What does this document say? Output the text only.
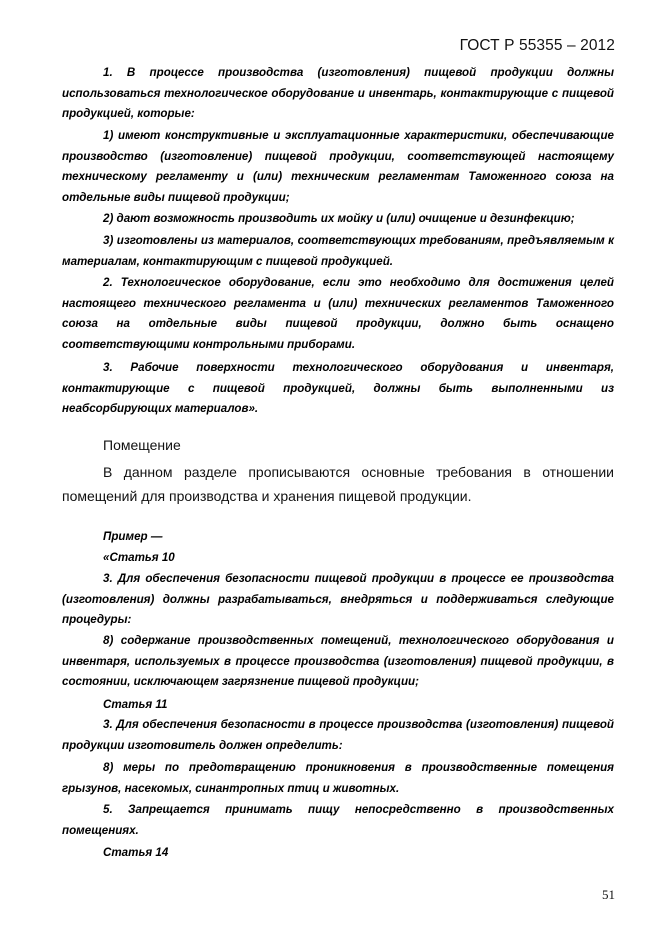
ГОСТ Р 55355 – 2012

1. В процессе производства (изготовления) пищевой продукции должны использоваться технологическое оборудование и инвентарь, контактирующие с пищевой продукцией, которые:

1) имеют конструктивные и эксплуатационные характеристики, обеспечивающие производство (изготовление) пищевой продукции, соответствующей настоящему техническому регламенту и (или) техническим регламентам Таможенного союза на отдельные виды пищевой продукции;

2) дают возможность производить их мойку и (или) очищение и дезинфекцию;

3) изготовлены из материалов, соответствующих требованиям, предъявляемым к материалам, контактирующим с пищевой продукцией.

2. Технологическое оборудование, если это необходимо для достижения целей настоящего технического регламента и (или) технических регламентов Таможенного союза на отдельные виды пищевой продукции, должно быть оснащено соответствующими контрольными приборами.

3. Рабочие поверхности технологического оборудования и инвентаря, контактирующие с пищевой продукцией, должны быть выполненными из неабсорбирующих материалов».

Помещение

В данном разделе прописываются основные требования в отношении помещений для производства и хранения пищевой продукции.

Пример —

«Статья 10

3. Для обеспечения безопасности пищевой продукции в процессе ее производства (изготовления) должны разрабатываться, внедряться и поддерживаться следующие процедуры:

8) содержание производственных помещений, технологического оборудования и инвентаря, используемых в процессе производства (изготовления) пищевой продукции, в состоянии, исключающем загрязнение пищевой продукции;

Статья 11

3. Для обеспечения безопасности в процессе производства (изготовления) пищевой продукции изготовитель должен определить:

8) меры по предотвращению проникновения в производственные помещения грызунов, насекомых, синантропных птиц и животных.

5. Запрещается принимать пищу непосредственно в производственных помещениях.

Статья 14

51
